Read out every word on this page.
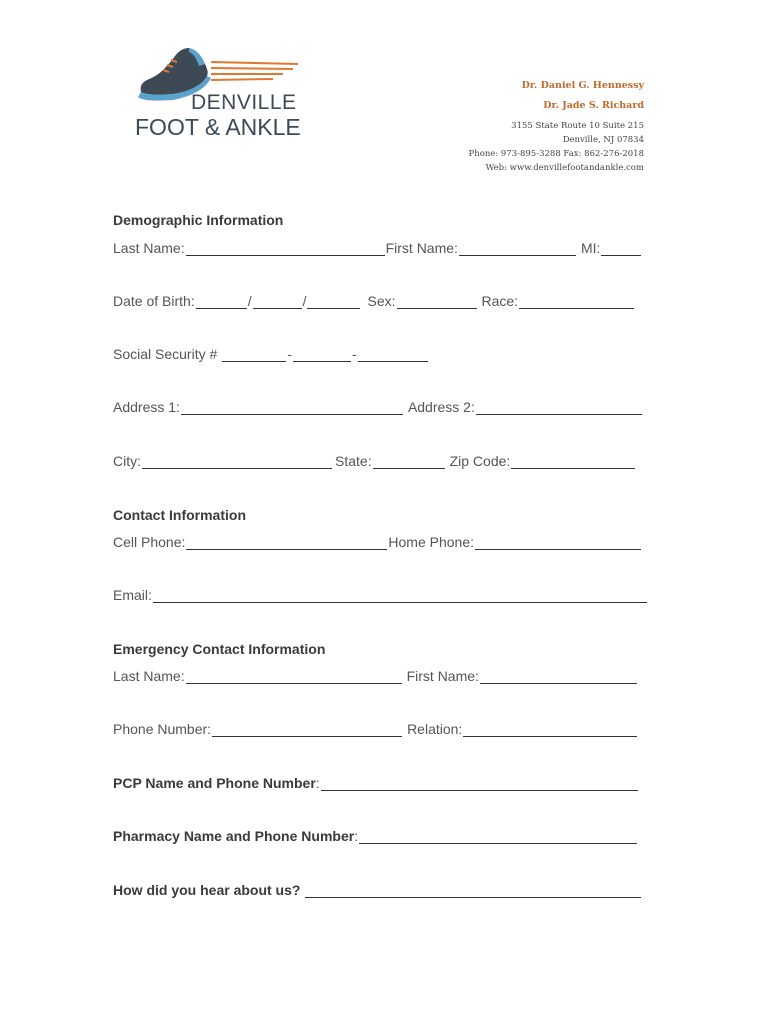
DENVILLE
FOOT & ANKLE
Dr. Daniel G. Hennessy
Dr. Jade S. Richard
3155 State Route 10 Suite 215
Denville, NJ 07834
Phone: 973-895-3288 Fax: 862-276-2018
Web: www.denvillefootandankle.com
Demographic Information
Last Name:	First Name:	MI:
Date of Birth:	/	/	Sex:	Race:
Social Security #	-	-
Address 1:	Address 2:
City:	State:	Zip Code:
Contact Information
Cell Phone:	Home Phone:
Email:
Emergency Contact Information
Last Name:	First Name:
Phone Number:	Relation:
PCP Name and Phone Number :
Pharmacy Name and Phone Number :
How did you hear about us?
